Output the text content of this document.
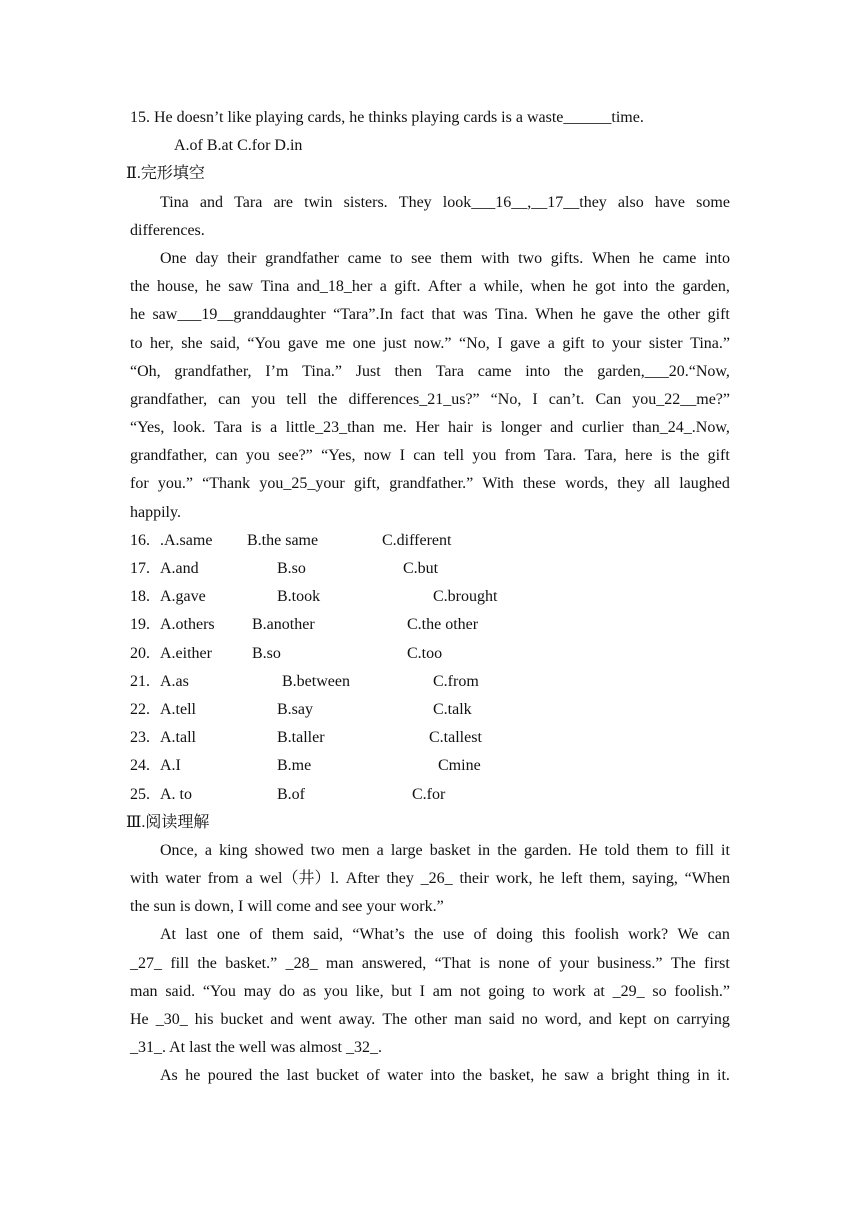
15. He doesn’t like playing cards, he thinks playing cards is a waste______time.
A.of B.at C.for D.in
Ⅱ.完形填空
Tina and Tara are twin sisters. They look___16__,__17__they also have some
differences.
One day their grandfather came to see them with two gifts. When he came into
the house, he saw Tina and_18_her a gift. After a while, when he got into the garden,
he saw___19__granddaughter “Tara”.In fact that was Tina. When he gave the other gift
to her, she said, “You gave me one just now.” “No, I gave a gift to your sister Tina.”
“Oh, grandfather, I’m Tina.” Just then Tara came into the garden,___20.“Now,
grandfather, can you tell the differences_21_us?” “No, I can’t. Can you_22__me?”
“Yes, look. Tara is a little_23_than me. Her hair is longer and curlier than_24_.Now,
grandfather, can you see?” “Yes, now I can tell you from Tara. Tara, here is the gift
for you.” “Thank you_25_your gift, grandfather.” With these words, they all laughed
happily.
16. .A.same B.the same	C.different
17. A.and	B.so	C.but
18. A.gave	B.took	C.brought
19. A.others B.another	C.the other
20. A.either	B.so	C.too
21. A.as	B.between	C.from
22. A.tell	B.say	C.talk
23. A.tall	B.taller	C.tallest
24. A.I	B.me	Cmine
25. A. to	B.of	C.for
Ⅲ.阅读理解
Once, a king showed two men a large basket in the garden. He told them to fill it
with water from a wel（井）l. After they _26_ their work, he left them, saying, “When
the sun is down, I will come and see your work.”
At last one of them said, “What’s the use of doing this foolish work? We can
_27_ fill the basket.” _28_ man answered, “That is none of your business.” The first
man said. “You may do as you like, but I am not going to work at _29_ so foolish.”
He _30_ his bucket and went away. The other man said no word, and kept on carrying
_31_. At last the well was almost _32_.
As he poured the last bucket of water into the basket, he saw a bright thing in it.
